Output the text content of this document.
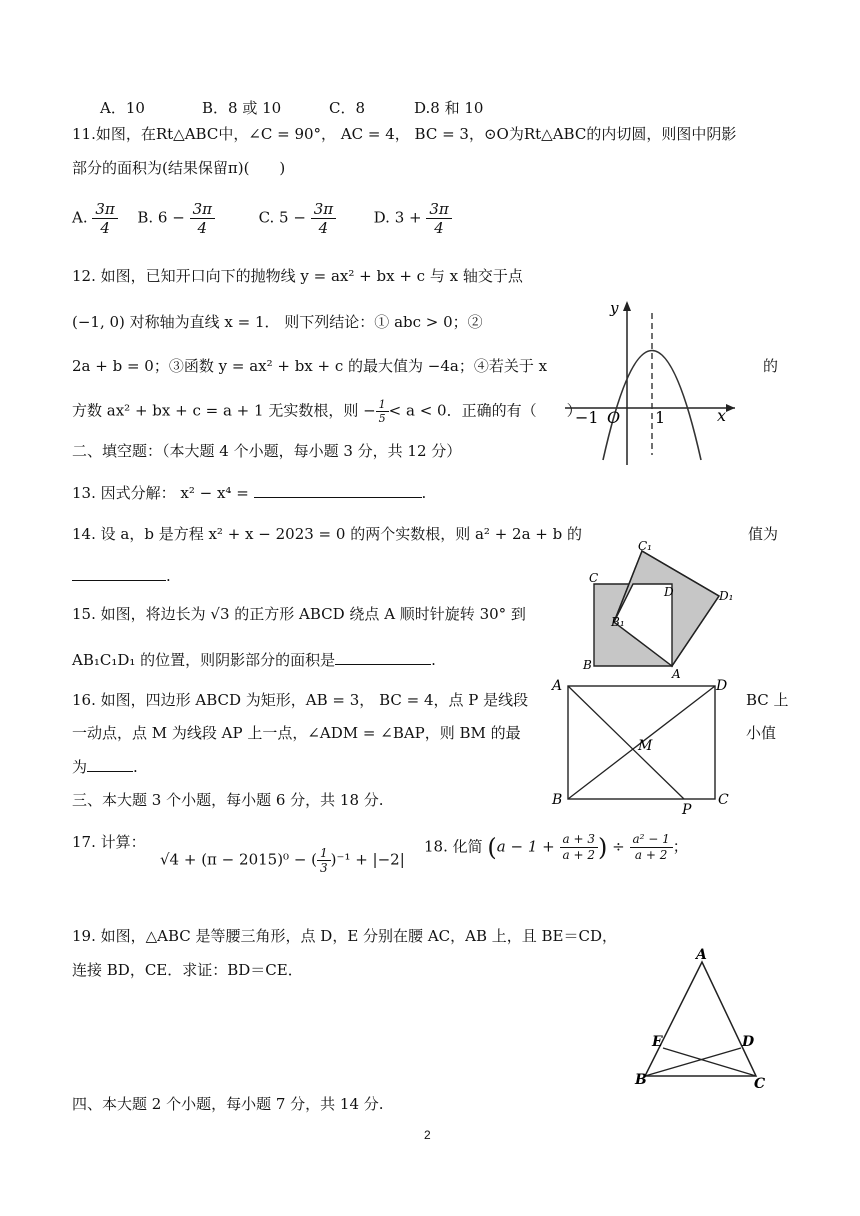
A．10	B．8 或 10	C．8	D.8 和 10
11.如图，在Rt△ABC中，∠C = 90°， AC = 4， BC = 3，⊙O为Rt△ABC的内切圆，则图中阴影
部分的面积为(结果保留π)(　　)
A. $\frac{3\pi}{4} B$. $6 - \frac{3\pi}{4}$	C. $5 - \frac{3\pi}{4}$	D. $3 + \frac{3\pi}{4}$
12. 如图，已知开口向下的抛物线 y = ax² + bx + c 与 x 轴交于点
(−1, 0) 对称轴为直线 x = 1． 则下列结论：① abc > 0；②
2a + b = 0；③函数 y = ax² + bx + c 的最大值为 −4a；④若关于 x	的
方数 ax² + bx + c = a + 1 无实数根，则 − $\frac{1}{5} < a < 0$．正确的有（　　）
y
x
−1 O 1
二、填空题：（本大题 4 个小题，每小题 3 分，共 12 分）
13. 因式分解： x² − x⁴ =	.
14. 设 a，b 是方程 x² + x − 2023 = 0 的两个实数根，则 a² + 2a + b 的	值为
.
15. 如图，将边长为 √3 的正方形 ABCD 绕点 A 顺时针旋转 30° 到
AB₁C₁D₁ 的位置，则阴影部分的面积是	.
C
C₁
D	D₁
B
B₁
A
16. 如图，四边形 ABCD 为矩形，AB = 3， BC = 4，点 P 是线段	BC 上
一动点，点 M 为线段 AP 上一点，∠ADM = ∠BAP，则 BM 的最	小值
为	.
A	D
M
B
P
C
三、本大题 3 个小题，每小题 6 分，共 18 分.
17. 计算：
√4 + (π − 2015)⁰ − ( $\frac{1}{3} )^{-1} + |-2|$
18. 化简 ($a - 1 + \frac{a + 3}{a + 2}$ ) ÷ $\frac{\text{a² − 1}}{a + 2}$ ；
19. 如图，△ABC 是等腰三角形，点 D，E 分别在腰 AC，AB 上，且 BE＝CD，
连接 BD，CE．求证：BD＝CE．
A
E	D
B	C
四、本大题 2 个小题，每小题 7 分，共 14 分.
2
